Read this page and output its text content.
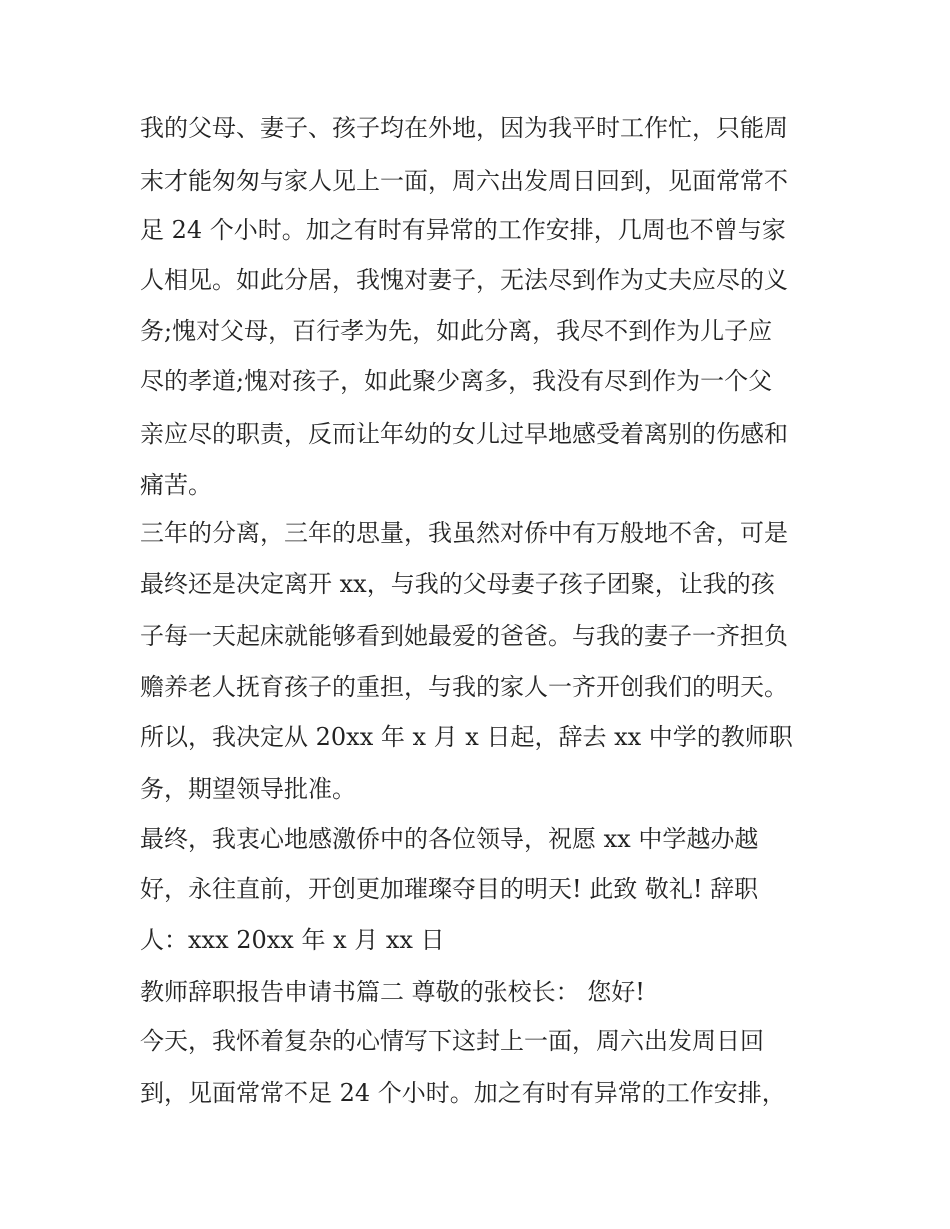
我的父母、妻子、孩子均在外地，因为我平时工作忙，只能周
末才能匆匆与家人见上一面，周六出发周日回到，见面常常不
足 24 个小时。加之有时有异常的工作安排，几周也不曾与家
人相见。如此分居，我愧对妻子，无法尽到作为丈夫应尽的义
务;愧对父母，百行孝为先，如此分离，我尽不到作为儿子应
尽的孝道;愧对孩子，如此聚少离多，我没有尽到作为一个父
亲应尽的职责，反而让年幼的女儿过早地感受着离别的伤感和
痛苦。
三年的分离，三年的思量，我虽然对侨中有万般地不舍，可是
最终还是决定离开 xx，与我的父母妻子孩子团聚，让我的孩
子每一天起床就能够看到她最爱的爸爸。与我的妻子一齐担负
赡养老人抚育孩子的重担，与我的家人一齐开创我们的明天。
所以，我决定从 20xx 年 x 月 x 日起，辞去 xx 中学的教师职
务，期望领导批准。
最终，我衷心地感激侨中的各位领导，祝愿 xx 中学越办越
好，永往直前，开创更加璀璨夺目的明天! 此致 敬礼! 辞职
人：xxx 20xx 年 x 月 xx 日
教师辞职报告申请书篇二 尊敬的张校长： 您好!
今天，我怀着复杂的心情写下这封上一面，周六出发周日回
到，见面常常不足 24 个小时。加之有时有异常的工作安排，
